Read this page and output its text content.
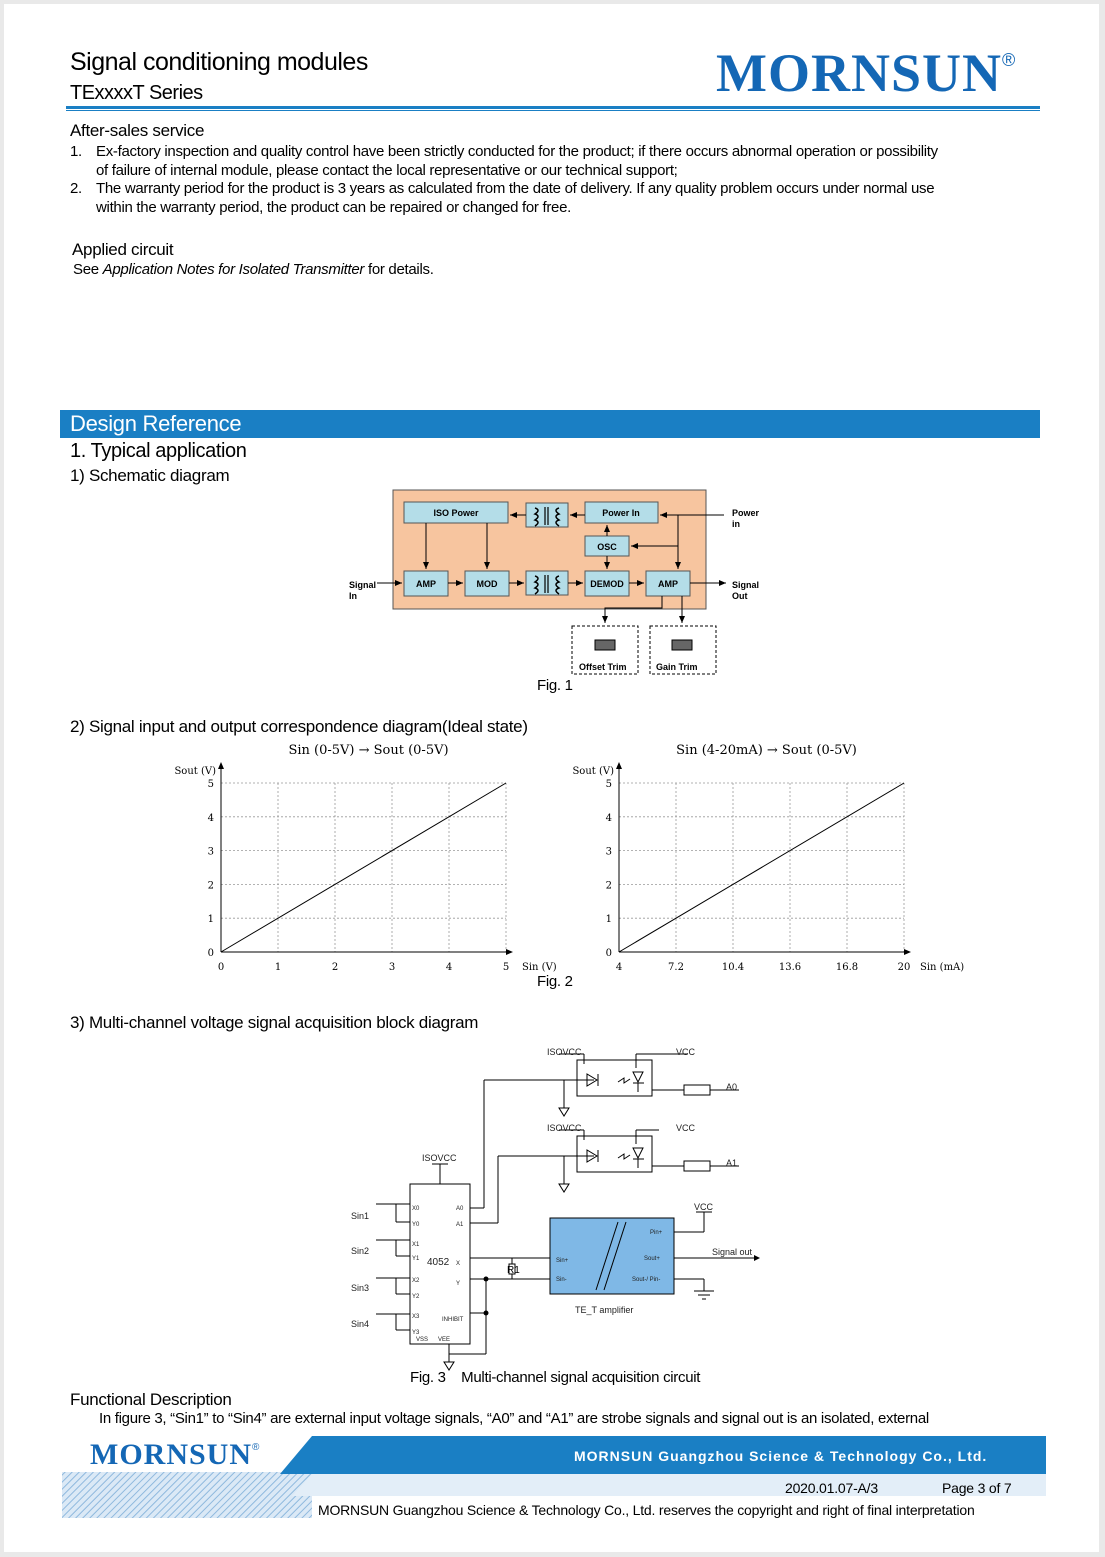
Signal conditioning modules
TExxxxT Series	MORNSUN®
After-sales service
1. Ex-factory inspection and quality control have been strictly conducted for the product; if there occurs abnormal operation or possibility
of failure of internal module, please contact the local representative or our technical support;
2. The warranty period for the product is 3 years as calculated from the date of delivery. If any quality problem occurs under normal use
within the warranty period, the product can be repaired or changed for free.
Applied circuit
See Application Notes for Isolated Transmitter for details.
Design Reference
1. Typical application
1) Schematic diagram
ISO Power	Power In
OSC
AMP	MOD	DEMOD	AMP
Offset Trim	Gain Trim
Power
in
Signal
In
Signal
Out
Fig. 1
2) Signal input and output correspondence diagram(Ideal state)
Sin (0-5V) → Sout (0-5V)
0	1	2	3	4	5
0
1
2
3
4
5
Sout (V)
Sin (V)
Sin (4-20mA) → Sout (0-5V)
4	7.2	10.4	13.6	16.8	20
0
1
2
3
4
5
Sout (V)
Sin (mA)
Fig. 2
3) Multi-channel voltage signal acquisition block diagram
ISOVCC	VCC
A0
ISOVCC	VCC
A1
ISOVCC
VCC
Sin1
Sin2
Sin3
Sin4
Signal out
TE_T amplifier
R1
4052
X0
Y0
X1
Y1
X2
Y2
X3
Y3
A0
A1
X
Y
INHIBIT
VSS VEE
Sin+
Sin-
Pin+
Sout+
Sout-/ Pin-
Fig. 3    Multi-channel signal acquisition circuit
Functional Description
In figure 3, “Sin1” to “Sin4” are external input voltage signals, “A0” and “A1” are strobe signals and signal out is an isolated, external
MORNSUN®
MORNSUN Guangzhou Science & Technology Co., Ltd.
2020.01.07-A/3	Page 3 of 7
MORNSUN Guangzhou Science & Technology Co., Ltd. reserves the copyright and right of final interpretation
